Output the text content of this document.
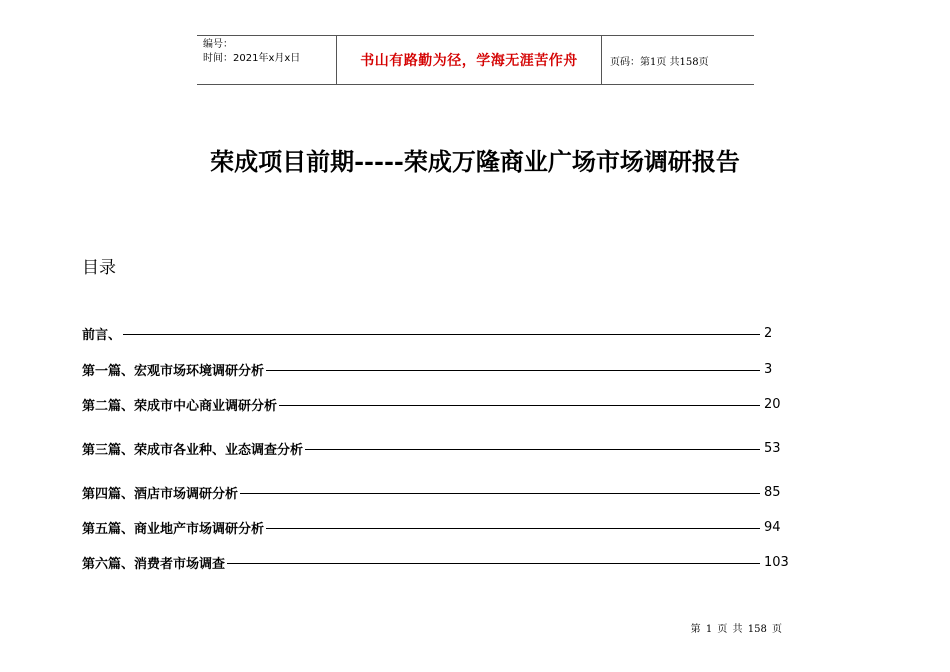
编号：
时间：2021年x月x日	书山有路勤为径，学海无涯苦作舟	页码：第1页 共158页
荣成项目前期-----荣成万隆商业广场市场调研报告
目录
前言、	2
第一篇、宏观市场环境调研分析	3
第二篇、荣成市中心商业调研分析	20
第三篇、荣成市各业种、业态调查分析	53
第四篇、酒店市场调研分析	85
第五篇、商业地产市场调研分析	94
第六篇、消费者市场调查	103
第 1 页 共 158 页
